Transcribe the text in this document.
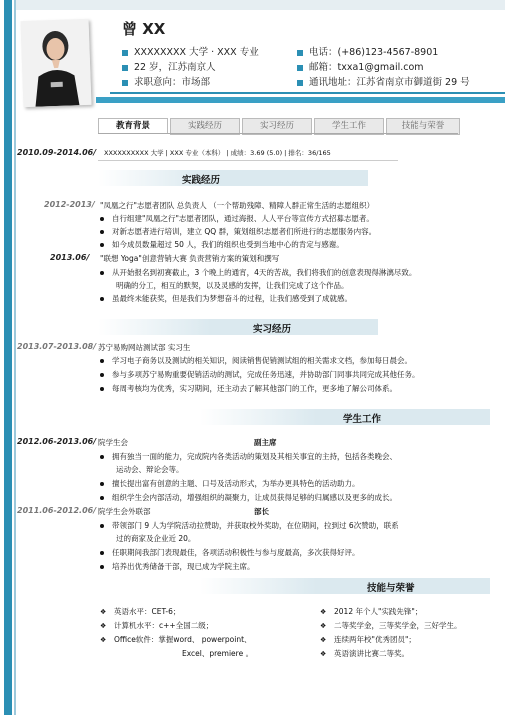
曾 XX
XXXXXXXX 大学 · XXX 专业
22 岁，江苏南京人
求职意向：市场部
电话：(+86)123-4567-8901
邮箱：txxa1@gmail.com
通讯地址：江苏省南京市御道街 29 号
教育背景	实践经历	实习经历	学生工作	技能与荣誉
2010.09-2014.06/ XXXXXXXXXX 大学 | XXX 专业（本科） | 成绩：3.69 (5.0) | 排名：36/165
实践经历
2012-2013/ "凤凰之行"志愿者团队 总负责人 （一个帮助残障、精障人群正常生活的志愿组织）
自行组建"凤凰之行"志愿者团队，通过海报、人人平台等宣传方式招募志愿者。
对新志愿者进行培训，建立 QQ 群，策划组织志愿者们所进行的志愿服务内容。
如今成员数量超过 50 人，我们的组织也受到当地中心的肯定与感谢。
2013.06/ "联想 Yoga"创意营销大赛 负责营销方案的策划和撰写
从开始报名到初赛截止，3 个晚上的通宵，4天的苦战，我们将我们的创意表现得淋漓尽致。
明确的分工，相互的默契，以及灵感的发挥，让我们完成了这个作品。
虽最终未能获奖，但是我们为梦想奋斗的过程，让我们感受到了成就感。
实习经历
2013.07-2013.08/ 苏宁易购网站测试部 实习生
学习电子商务以及测试的相关知识，阅读销售促销测试组的相关需求文档，参加每日晨会。
参与多项苏宁易购重要促销活动的测试，完成任务迅速，并协助部门同事共同完成其他任务。
每周考核均为优秀，实习期间，还主动去了解其他部门的工作，更多地了解公司体系。
学生工作
2012.06-2013.06/ 院学生会	副主席
拥有独当一面的能力，完成院内各类活动的策划及其相关事宜的主持，包括各类晚会、
运动会、辩论会等。
擅长提出富有创意的主题、口号及活动形式，为举办更具特色的活动助力。
组织学生会内部活动，增强组织的凝聚力，让成员获得足够的归属感以及更多的成长。
2011.06-2012.06/ 院学生会外联部	部长
带领部门 9 人为学院活动拉赞助，并获取校外奖助，在位期间，拉到过 6次赞助，联系
过的商家及企业近 20。
任职期间我部门表现最佳，各项活动积极性与参与度最高，多次获得好评。
培养出优秀储备干部，现已成为学院主席。
技能与荣誉
❖ 英语水平：CET-6；
❖ 计算机水平：c++全国二级；
❖ Office软件：掌握word、 powerpoint、
Excel、premiere 。
❖ 2012 年个人"实践先锋"；
❖ 二等奖学金，三等奖学金，三好学生。
❖ 连续两年校"优秀团员"；
❖ 英语演讲比赛二等奖。
